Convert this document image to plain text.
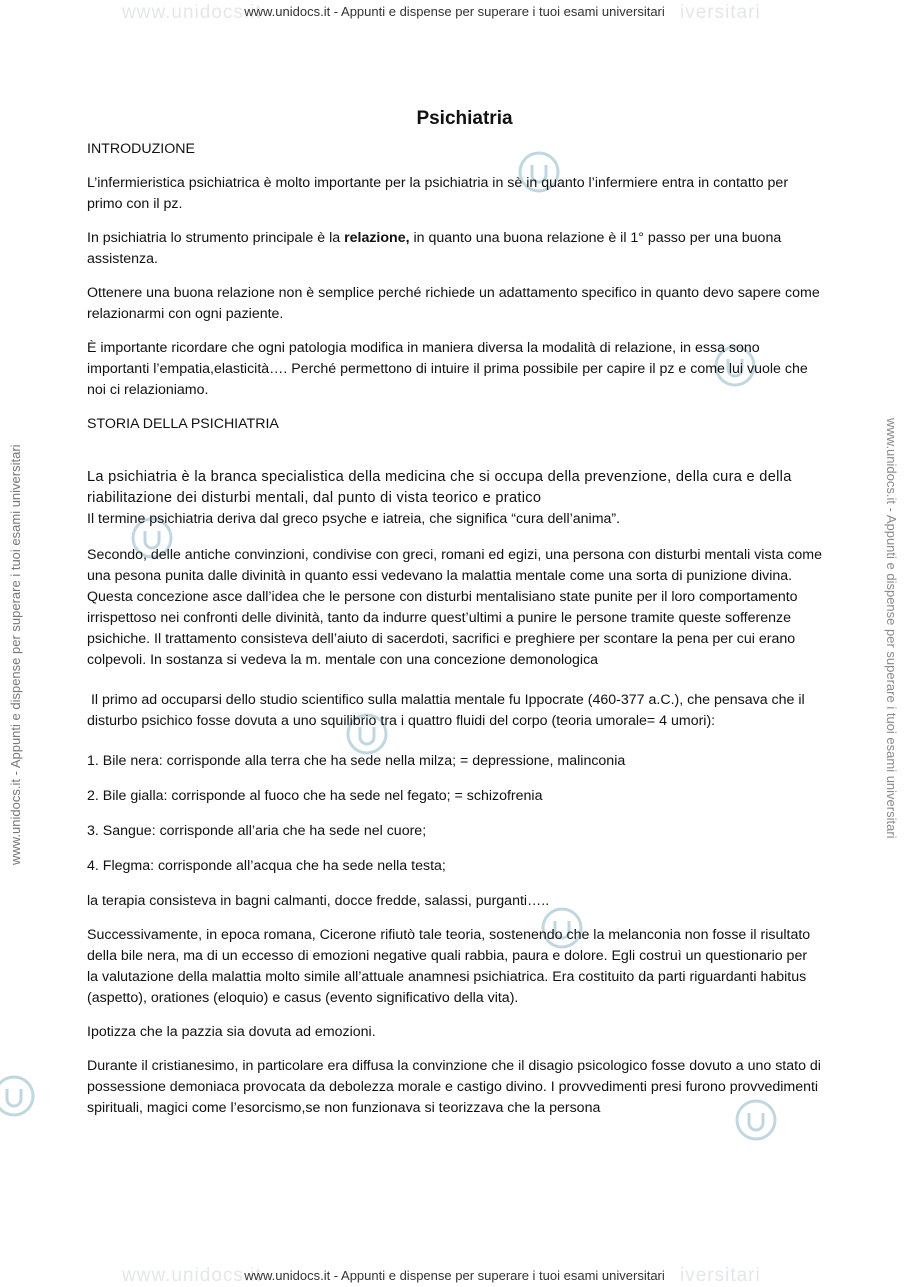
www.unidocs.it	iversitari
www.unidocs.it - Appunti e dispense per superare i tuoi esami universitari
www.unidocs.it - Appunti e dispense per superare i tuoi esami universitari	www.unidocs.it - Appunti e dispense per superare i tuoi esami universitari
Psichiatria
INTRODUZIONE
L’infermieristica psichiatrica è molto importante per la psichiatria in sè in quanto l’infermiere entra in contatto per primo con il pz.
In psichiatria lo strumento principale è la relazione, in quanto una buona relazione è il 1° passo per una buona assistenza.
Ottenere una buona relazione non è semplice perché richiede un adattamento specifico in quanto devo sapere come relazionarmi con ogni paziente.
È importante ricordare che ogni patologia modifica in maniera diversa la modalità di relazione, in essa sono importanti l’empatia,elasticità…. Perché permettono di intuire il prima possibile per capire il pz e come lui vuole che noi ci relazioniamo.
STORIA DELLA PSICHIATRIA
La psichiatria è la branca specialistica della medicina che si occupa della prevenzione, della cura e della riabilitazione dei disturbi mentali, dal punto di vista teorico e pratico
Il termine psichiatria deriva dal greco psyche e iatreia, che significa “cura dell’anima”.
Secondo, delle antiche convinzioni, condivise con greci, romani ed egizi, una persona con disturbi mentali vista come una pesona punita dalle divinità in quanto essi vedevano la malattia mentale come una sorta di punizione divina. Questa concezione asce dall’idea che le persone con disturbi mentalisiano state punite per il loro comportamento irrispettoso nei confronti delle divinità, tanto da indurre quest’ultimi a punire le persone tramite queste sofferenze psichiche. Il trattamento consisteva dell’aiuto di sacerdoti, sacrifici e preghiere per scontare la pena per cui erano colpevoli. In sostanza si vedeva la m. mentale con una concezione demonologica
Il primo ad occuparsi dello studio scientifico sulla malattia mentale fu Ippocrate (460-377 a.C.), che pensava che il disturbo psichico fosse dovuta a uno squilibrio tra i quattro fluidi del corpo (teoria umorale= 4 umori):
1. Bile nera: corrisponde alla terra che ha sede nella milza; = depressione, malinconia
2. Bile gialla: corrisponde al fuoco che ha sede nel fegato; = schizofrenia
3. Sangue: corrisponde all’aria che ha sede nel cuore;
4. Flegma: corrisponde all’acqua che ha sede nella testa;
la terapia consisteva in bagni calmanti, docce fredde, salassi, purganti…..
Successivamente, in epoca romana, Cicerone rifiutò tale teoria, sostenendo che la melanconia non fosse il risultato della bile nera, ma di un eccesso di emozioni negative quali rabbia, paura e dolore. Egli costruì un questionario per la valutazione della malattia molto simile all’attuale anamnesi psichiatrica. Era costituito da parti riguardanti habitus (aspetto), orationes (eloquio) e casus (evento significativo della vita).
Ipotizza che la pazzia sia dovuta ad emozioni.
Durante il cristianesimo, in particolare era diffusa la convinzione che il disagio psicologico fosse dovuto a uno stato di possessione demoniaca provocata da debolezza morale e castigo divino. I provvedimenti presi furono provvedimenti spirituali, magici come l’esorcismo,se non funzionava si teorizzava che la persona
www.unidocs.it	iversitari
www.unidocs.it - Appunti e dispense per superare i tuoi esami universitari
